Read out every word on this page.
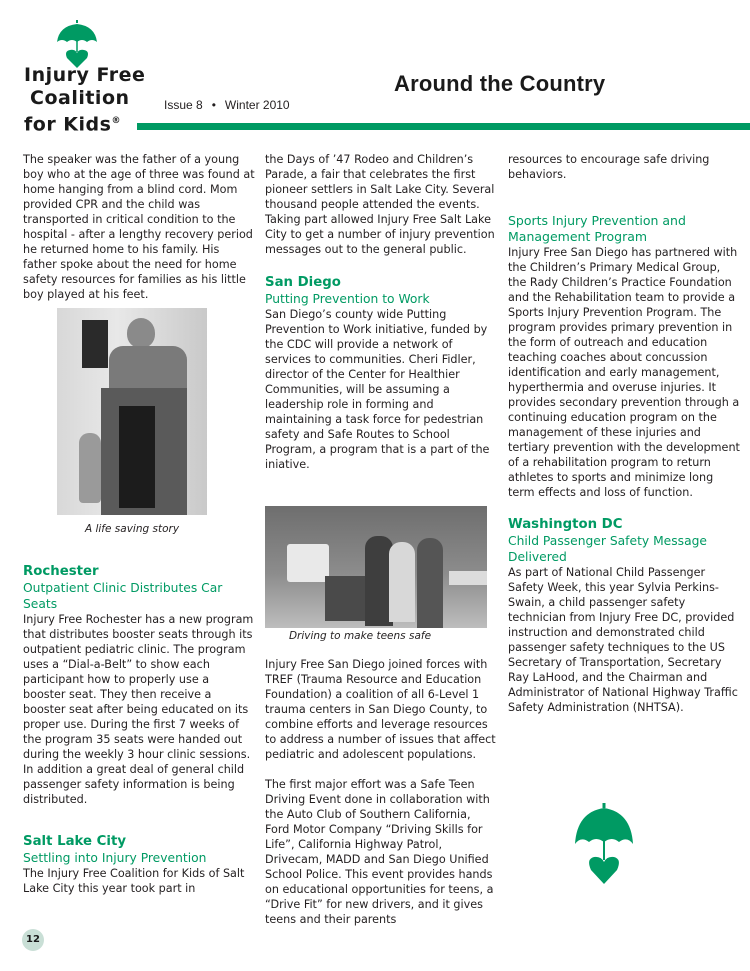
Injury Free
Coalition
for Kids®
Issue 8 • Winter 2010
Around the Country

The speaker was the father of a young boy who at the age of three was found at home hanging from a blind cord. Mom provided CPR and the child was transported in critical condition to the hospital - after a lengthy recovery period he returned home to his family. His father spoke about the need for home safety resources for families as his little boy played at his feet.

A life saving story

Rochester

Outpatient Clinic Distributes Car Seats

Injury Free Rochester has a new program that distributes booster seats through its outpatient pediatric clinic. The program uses a “Dial-a-Belt” to show each participant how to properly use a booster seat. They then receive a booster seat after being educated on its proper use. During the first 7 weeks of the program 35 seats were handed out during the weekly 3 hour clinic sessions. In addition a great deal of general child passenger safety information is being distributed.

Salt Lake City

Settling into Injury Prevention

The Injury Free Coalition for Kids of Salt Lake City this year took part in

the Days of ’47 Rodeo and Children’s Parade, a fair that celebrates the first pioneer settlers in Salt Lake City. Several thousand people attended the events. Taking part allowed Injury Free Salt Lake City to get a number of injury prevention messages out to the general public.

San Diego

Putting Prevention to Work

San Diego’s county wide Putting Prevention to Work initiative, funded by the CDC will provide a network of services to communities. Cheri Fidler, director of the Center for Healthier Communities, will be assuming a leadership role in forming and maintaining a task force for pedestrian safety and Safe Routes to School Program, a program that is a part of the iniative.

Driving to make teens safe

Injury Free San Diego joined forces with TREF (Trauma Resource and Education Foundation) a coalition of all 6-Level 1 trauma centers in San Diego County, to combine efforts and leverage resources to address a number of issues that affect pediatric and adolescent populations.

The first major effort was a Safe Teen Driving Event done in collaboration with the Auto Club of Southern California, Ford Motor Company “Driving Skills for Life”, California Highway Patrol, Drivecam, MADD and San Diego Unified School Police. This event provides hands on educational opportunities for teens, a “Drive Fit” for new drivers, and it gives teens and their parents

resources to encourage safe driving behaviors.

Sports Injury Prevention and Management Program

Injury Free San Diego has partnered with the Children’s Primary Medical Group, the Rady Children’s Practice Foundation and the Rehabilitation team to provide a Sports Injury Prevention Program. The program provides primary prevention in the form of outreach and education teaching coaches about concussion identification and early management, hyperthermia and overuse injuries. It provides secondary prevention through a continuing education program on the management of these injuries and tertiary prevention with the development of a rehabilitation program to return athletes to sports and minimize long term effects and loss of function.

Washington DC

Child Passenger Safety Message Delivered

As part of National Child Passenger Safety Week, this year Sylvia Perkins-Swain, a child passenger safety technician from Injury Free DC, provided instruction and demonstrated child passenger safety techniques to the US Secretary of Transportation, Secretary Ray LaHood, and the Chairman and Administrator of National Highway Traffic Safety Administration (NHTSA).

12
